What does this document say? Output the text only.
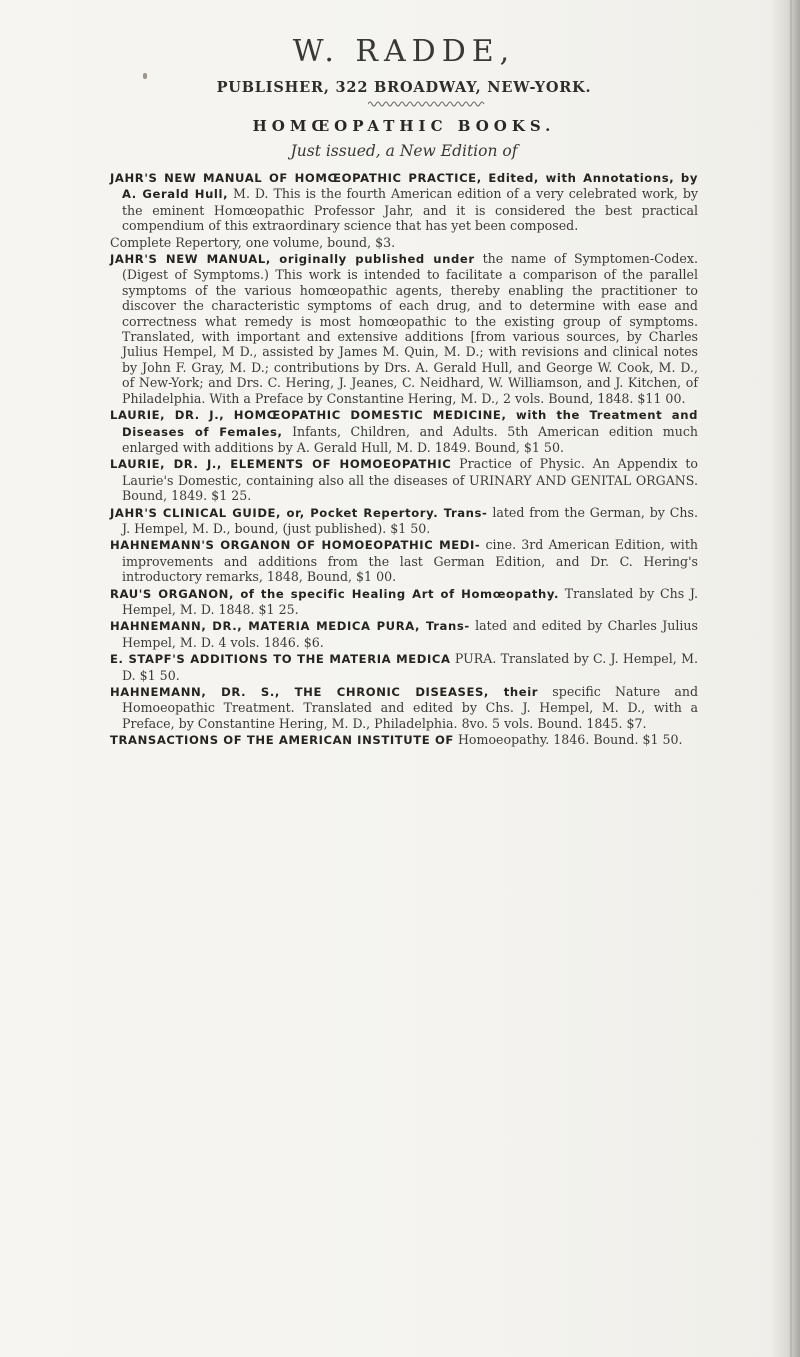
W. RADDE,
PUBLISHER, 322 BROADWAY, NEW-YORK.
HOMŒOPATHIC BOOKS.
Just issued, a New Edition of

JAHR'S NEW MANUAL OF HOMŒOPATHIC PRACTICE, Edited, with Annotations, by A. Gerald Hull, M. D. This is the fourth American edition of a very celebrated work, by the eminent Homœopathic Professor Jahr, and it is considered the best practical compendium of this extraordinary science that has yet been composed.

Complete Repertory, one volume, bound, $3.

JAHR'S NEW MANUAL, originally published under the name of Symptomen-Codex. (Digest of Symptoms.) This work is intended to facilitate a comparison of the parallel symptoms of the various homœopathic agents, thereby enabling the practitioner to discover the characteristic symptoms of each drug, and to determine with ease and correctness what remedy is most homœopathic to the existing group of symptoms. Translated, with important and extensive additions [from various sources, by Charles Julius Hempel, M D., assisted by James M. Quin, M. D.; with revisions and clinical notes by John F. Gray, M. D.; contributions by Drs. A. Gerald Hull, and George W. Cook, M. D., of New-York; and Drs. C. Hering, J. Jeanes, C. Neidhard, W. Williamson, and J. Kitchen, of Philadelphia. With a Preface by Constantine Hering, M. D., 2 vols. Bound, 1848. $11 00.

LAURIE, DR. J., HOMŒOPATHIC DOMESTIC MEDICINE, with the Treatment and Diseases of Females, Infants, Children, and Adults. 5th American edition much enlarged with additions by A. Gerald Hull, M. D. 1849. Bound, $1 50.

LAURIE, DR. J., ELEMENTS OF HOMOEOPATHIC Practice of Physic. An Appendix to Laurie's Domestic, containing also all the diseases of URINARY AND GENITAL ORGANS. Bound, 1849. $1 25.

JAHR'S CLINICAL GUIDE, or, Pocket Repertory. Trans- lated from the German, by Chs. J. Hempel, M. D., bound, (just published). $1 50.

HAHNEMANN'S ORGANON OF HOMOEOPATHIC MEDI- cine. 3rd American Edition, with improvements and additions from the last German Edition, and Dr. C. Hering's introductory remarks, 1848, Bound, $1 00.

RAU'S ORGANON, of the specific Healing Art of Homœopathy. Translated by Chs J. Hempel, M. D. 1848. $1 25.

HAHNEMANN, DR., MATERIA MEDICA PURA, Trans- lated and edited by Charles Julius Hempel, M. D. 4 vols. 1846. $6.

E. STAPF'S ADDITIONS TO THE MATERIA MEDICA PURA. Translated by C. J. Hempel, M. D. $1 50.

HAHNEMANN, DR. S., THE CHRONIC DISEASES, their specific Nature and Homoeopathic Treatment. Translated and edited by Chs. J. Hempel, M. D., with a Preface, by Constantine Hering, M. D., Philadelphia. 8vo. 5 vols. Bound. 1845. $7.

TRANSACTIONS OF THE AMERICAN INSTITUTE OF Homoeopathy. 1846. Bound. $1 50.
